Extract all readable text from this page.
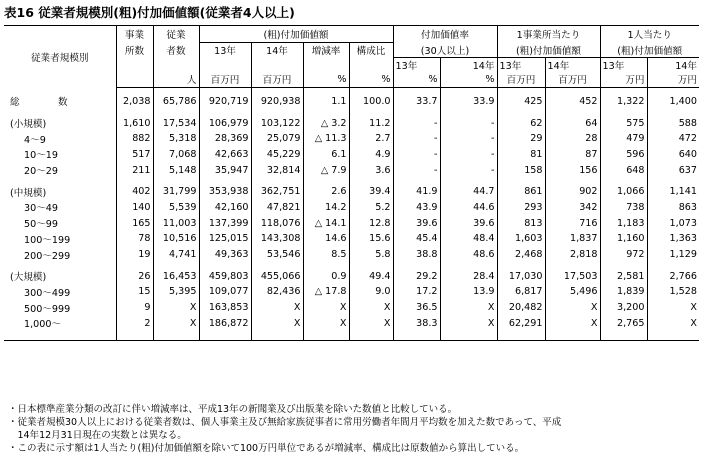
表16 従業者規模別(粗)付加価値額(従業者4人以上)
従業者規模別	事業	従業	(粗)付加価値額				付加価値率		1事業所当たり		1人当たり	
	所数	者数	13年	14年	増減率	構成比	(30人以上)		(粗)付加価値額		(粗)付加価値額	
							13年	14年	13年	14年	13年	14年
		人	百万円	百万円	%	%	%	%	百万円	百万円	万円	万円

総　　　　数	2,038	65,786	920,719	920,938	1.1	100.0	33.7	33.9	425	452	1,322	1,400

(小規模)	1,610	17,534	106,979	103,122	△ 3.2	11.2	-	-	62	64	575	588
4～9	882	5,318	28,369	25,079	△ 11.3	2.7	-	-	29	28	479	472
10～19	517	7,068	42,663	45,229	6.1	4.9	-	-	81	87	596	640
20～29	211	5,148	35,947	32,814	△ 7.9	3.6	-	-	158	156	648	637

(中規模)	402	31,799	353,938	362,751	2.6	39.4	41.9	44.7	861	902	1,066	1,141
30～49	140	5,539	42,160	47,821	14.2	5.2	43.9	44.6	293	342	738	863
50～99	165	11,003	137,399	118,076	△ 14.1	12.8	39.6	39.6	813	716	1,183	1,073
100～199	78	10,516	125,015	143,308	14.6	15.6	45.4	48.4	1,603	1,837	1,160	1,363
200～299	19	4,741	49,363	53,546	8.5	5.8	38.8	48.6	2,468	2,818	972	1,129

(大規模)	26	16,453	459,803	455,066	0.9	49.4	29.2	28.4	17,030	17,503	2,581	2,766
300～499	15	5,395	109,077	82,436	△ 17.8	9.0	17.2	13.9	6,817	5,496	1,839	1,528
500～999	9	X	163,853	X	X	X	36.5	X	20,482	X	3,200	X
1,000～	2	X	186,872	X	X	X	38.3	X	62,291	X	2,765	X

・日本標準産業分類の改訂に伴い増減率は、平成13年の新聞業及び出版業を除いた数値と比較している。
・従業者規模30人以上における従業者数は、個人事業主及び無給家族従事者に常用労働者年間月平均数を加えた数であって、平成
　14年12月31日現在の実数とは異なる。
・この表に示す額は1人当たり(粗)付加価値額を除いて100万円単位であるが増減率、構成比は原数値から算出している。
